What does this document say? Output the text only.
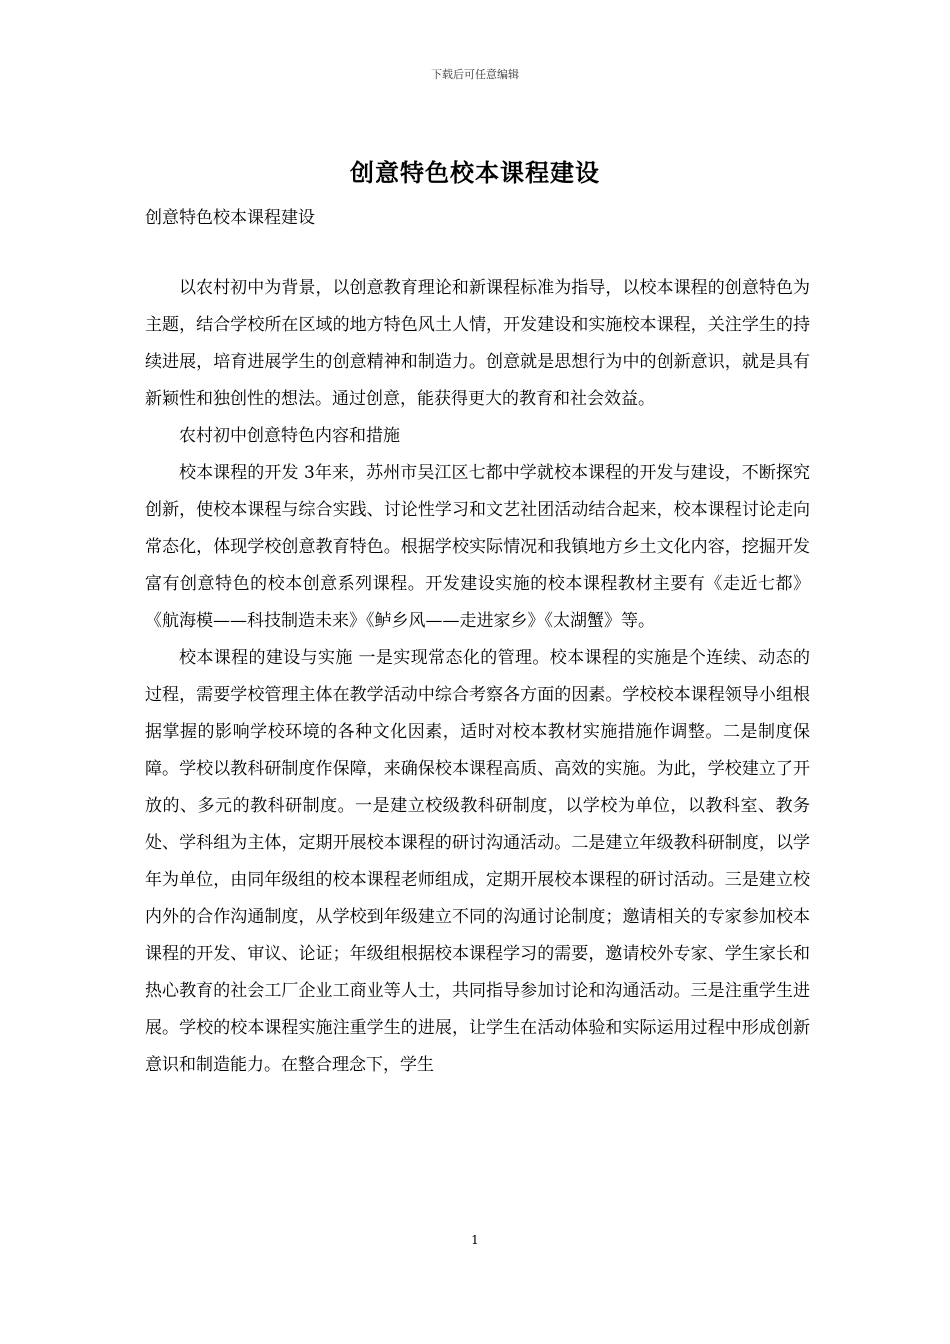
下载后可任意编辑
创意特色校本课程建设
创意特色校本课程建设

以农村初中为背景，以创意教育理论和新课程标准为指导，以校本课程的创意特色为主题，结合学校所在区域的地方特色风土人情，开发建设和实施校本课程，关注学生的持续进展，培育进展学生的创意精神和制造力。创意就是思想行为中的创新意识，就是具有新颖性和独创性的想法。通过创意，能获得更大的教育和社会效益。

农村初中创意特色内容和措施

校本课程的开发 3年来，苏州市吴江区七都中学就校本课程的开发与建设，不断探究创新，使校本课程与综合实践、讨论性学习和文艺社团活动结合起来，校本课程讨论走向常态化，体现学校创意教育特色。根据学校实际情况和我镇地方乡土文化内容，挖掘开发富有创意特色的校本创意系列课程。开发建设实施的校本课程教材主要有《走近七都》《航海模——科技制造未来》《鲈乡风——走进家乡》《太湖蟹》等。

校本课程的建设与实施 一是实现常态化的管理。校本课程的实施是个连续、动态的过程，需要学校管理主体在教学活动中综合考察各方面的因素。学校校本课程领导小组根据掌握的影响学校环境的各种文化因素，适时对校本教材实施措施作调整。二是制度保障。学校以教科研制度作保障，来确保校本课程高质、高效的实施。为此，学校建立了开放的、多元的教科研制度。一是建立校级教科研制度，以学校为单位，以教科室、教务处、学科组为主体，定期开展校本课程的研讨沟通活动。二是建立年级教科研制度，以学年为单位，由同年级组的校本课程老师组成，定期开展校本课程的研讨活动。三是建立校内外的合作沟通制度，从学校到年级建立不同的沟通讨论制度；邀请相关的专家参加校本课程的开发、审议、论证；年级组根据校本课程学习的需要，邀请校外专家、学生家长和热心教育的社会工厂企业工商业等人士，共同指导参加讨论和沟通活动。三是注重学生进展。学校的校本课程实施注重学生的进展，让学生在活动体验和实际运用过程中形成创新意识和制造能力。在整合理念下，学生

1
